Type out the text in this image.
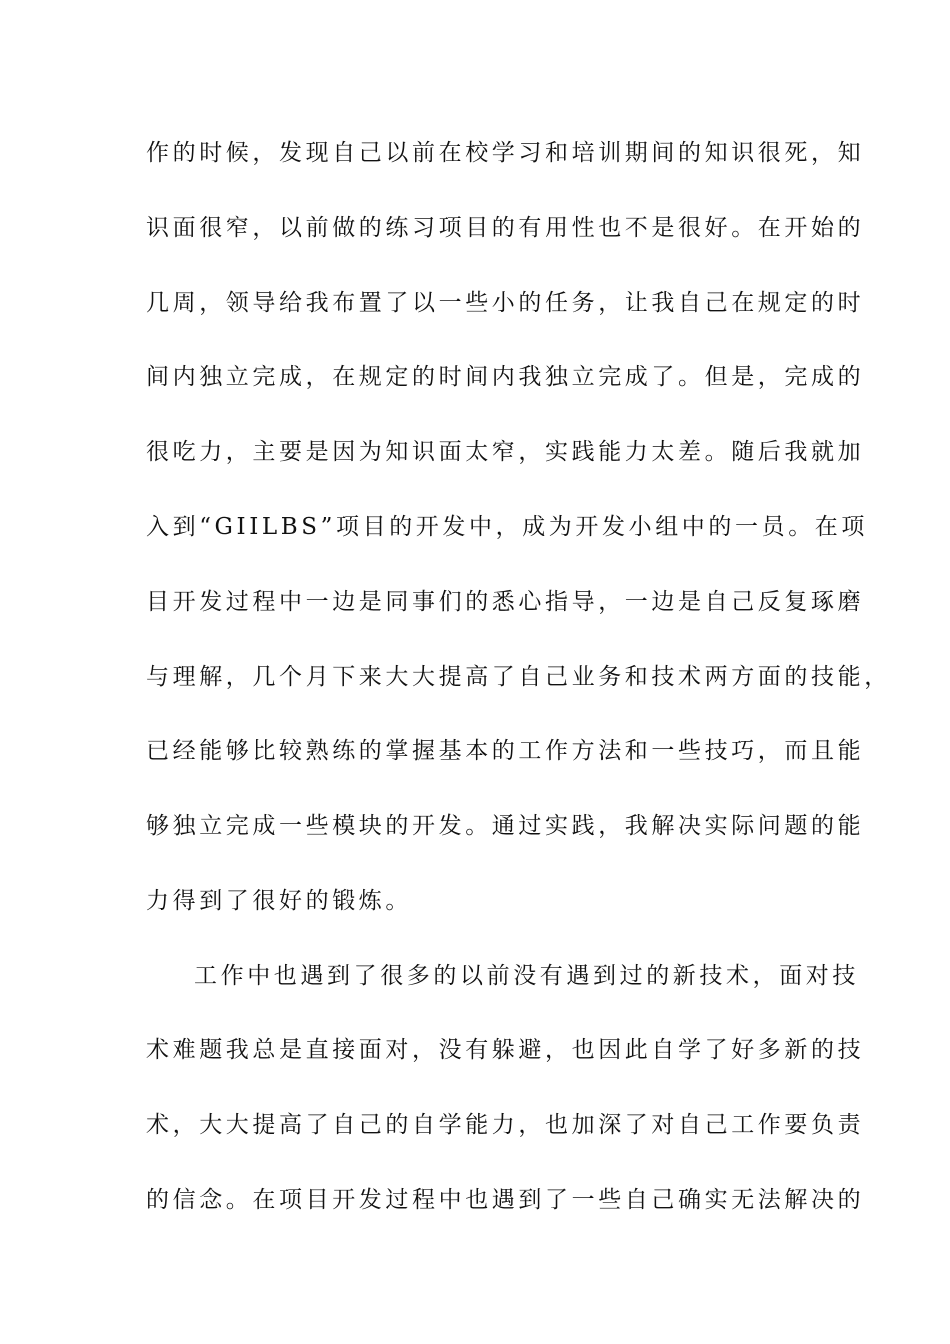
作的时候，发现自己以前在校学习和培训期间的知识很死，知
识面很窄，以前做的练习项目的有用性也不是很好。在开始的
几周，领导给我布置了以一些小的任务，让我自己在规定的时
间内独立完成，在规定的时间内我独立完成了。但是，完成的
很吃力，主要是因为知识面太窄，实践能力太差。随后我就加
入到“GIILBS”项目的开发中，成为开发小组中的一员。在项
目开发过程中一边是同事们的悉心指导，一边是自己反复琢磨
与理解，几个月下来大大提高了自己业务和技术两方面的技能，
已经能够比较熟练的掌握基本的工作方法和一些技巧，而且能
够独立完成一些模块的开发。通过实践，我解决实际问题的能
力得到了很好的锻炼。
工作中也遇到了很多的以前没有遇到过的新技术，面对技
术难题我总是直接面对，没有躲避，也因此自学了好多新的技
术，大大提高了自己的自学能力，也加深了对自己工作要负责
的信念。在项目开发过程中也遇到了一些自己确实无法解决的
